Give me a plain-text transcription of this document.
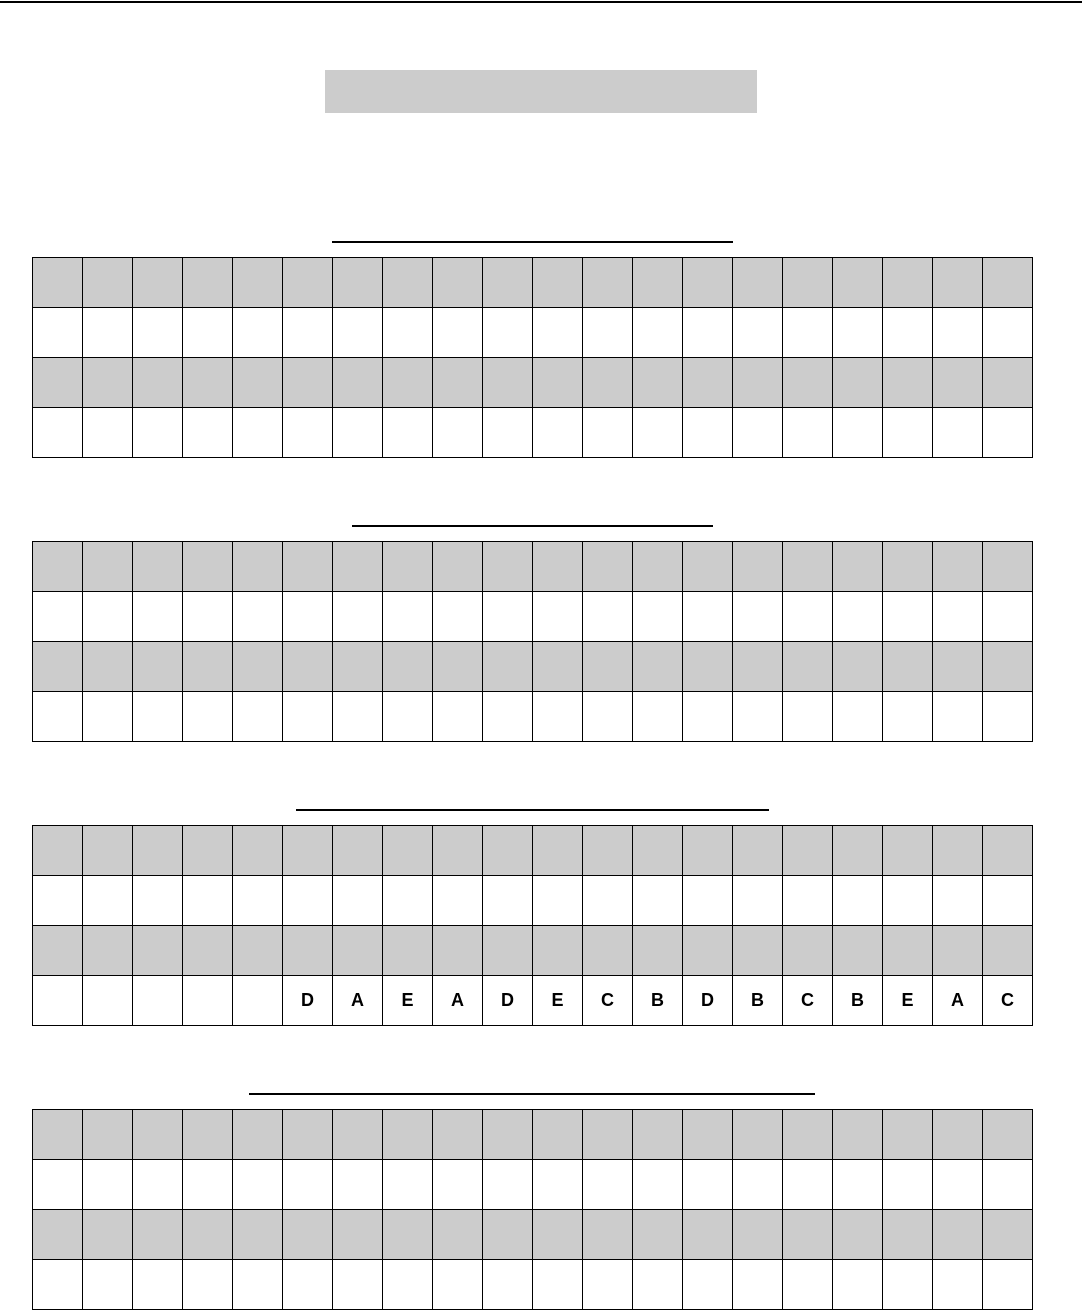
					D	A	E	A	D	E	C	B	D	B	C	B	E	A	C
